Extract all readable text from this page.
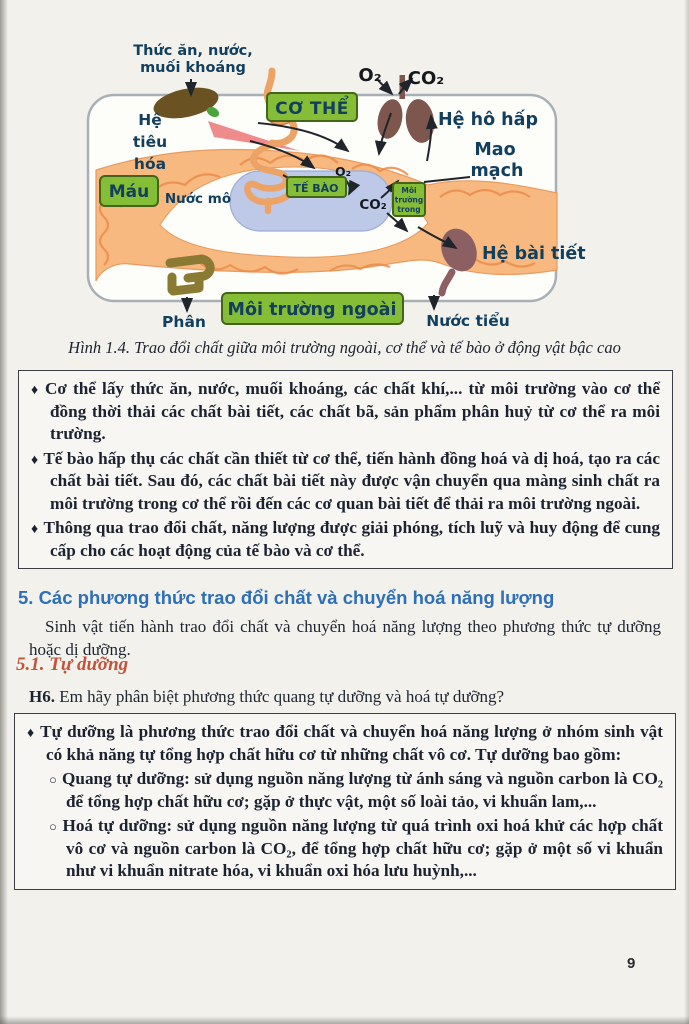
Thức ăn, nước,
muối khoáng	O₂ CO₂
CƠ THỂ
Hệ hô hấp
Hệ
tiêu
hóa
Mao
mạch
Máu Nước mô
TẾ BÀO
O₂
CO₂
Môi
trường
trong
Hệ bài tiết
Phân
Môi trường ngoài
Nước tiểu
Hình 1.4. Trao đổi chất giữa môi trường ngoài, cơ thể và tế bào ở động vật bậc cao
♦ Cơ thể lấy thức ăn, nước, muối khoáng, các chất khí,... từ môi trường vào cơ thể đồng thời thải các chất bài tiết, các chất bã, sản phẩm phân huỷ từ cơ thể ra môi trường.
♦ Tế bào hấp thụ các chất cần thiết từ cơ thể, tiến hành đồng hoá và dị hoá, tạo ra các chất bài tiết. Sau đó, các chất bài tiết này được vận chuyển qua màng sinh chất ra môi trường trong cơ thể rồi đến các cơ quan bài tiết để thải ra môi trường ngoài.
♦ Thông qua trao đổi chất, năng lượng được giải phóng, tích luỹ và huy động để cung cấp cho các hoạt động của tế bào và cơ thể.
5. Các phương thức trao đổi chất và chuyển hoá năng lượng
Sinh vật tiến hành trao đổi chất và chuyển hoá năng lượng theo phương thức tự dưỡng hoặc dị dưỡng.
5.1. Tự dưỡng
H6. Em hãy phân biệt phương thức quang tự dưỡng và hoá tự dưỡng?
♦ Tự dưỡng là phương thức trao đổi chất và chuyển hoá năng lượng ở nhóm sinh vật có khả năng tự tổng hợp chất hữu cơ từ những chất vô cơ. Tự dưỡng bao gồm:
○ Quang tự dưỡng: sử dụng nguồn năng lượng từ ánh sáng và nguồn carbon là CO₂ để tổng hợp chất hữu cơ; gặp ở thực vật, một số loài tảo, vi khuẩn lam,...
○ Hoá tự dưỡng: sử dụng nguồn năng lượng từ quá trình oxi hoá khử các hợp chất vô cơ và nguồn carbon là CO₂, để tổng hợp chất hữu cơ; gặp ở một số vi khuẩn như vi khuẩn nitrate hóa, vi khuẩn oxi hóa lưu huỳnh,...
9
